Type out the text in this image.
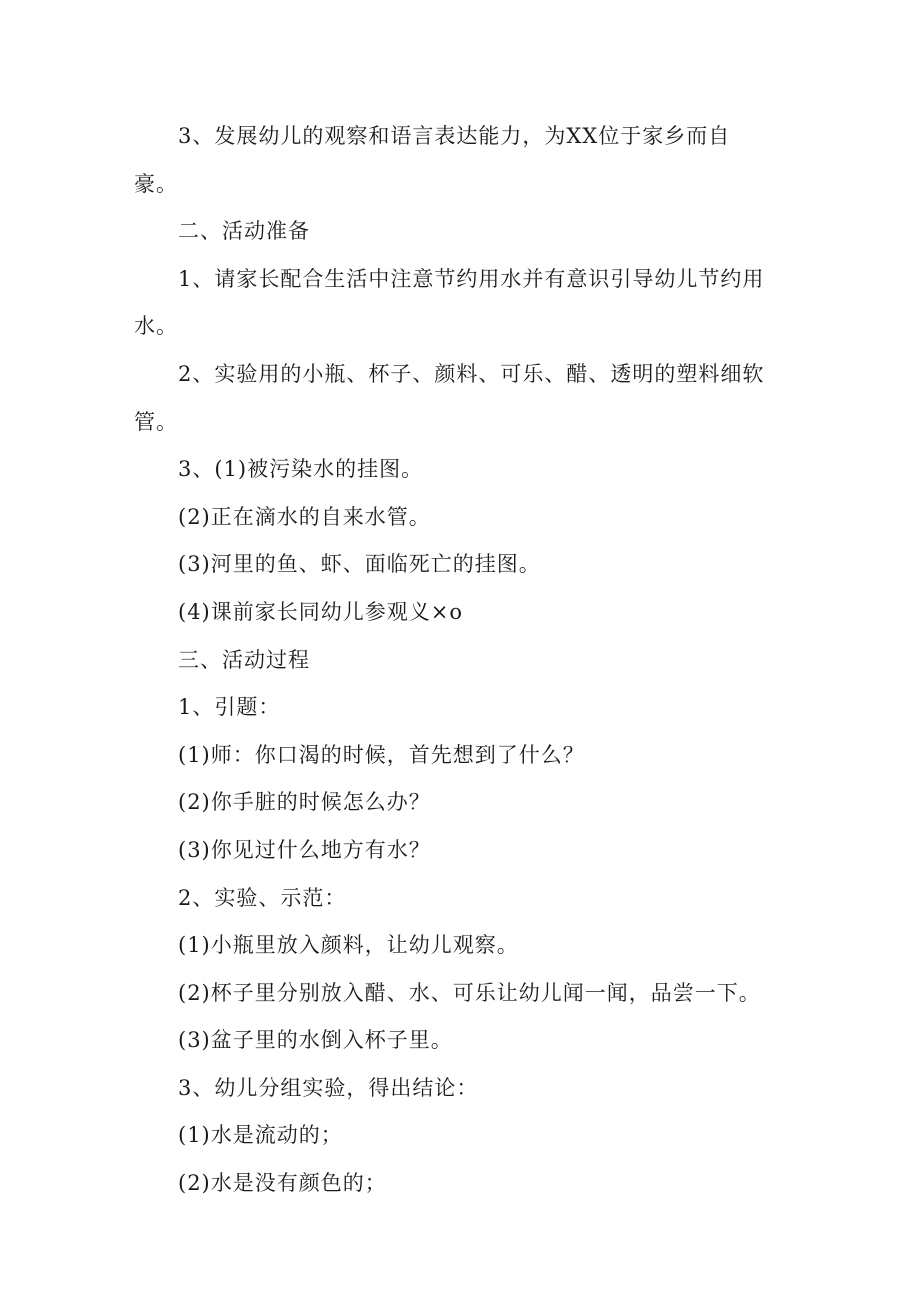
3、发展幼儿的观察和语言表达能力，为XX位于家乡而自豪。

二、活动准备

1、请家长配合生活中注意节约用水并有意识引导幼儿节约用水。

2、实验用的小瓶、杯子、颜料、可乐、醋、透明的塑料细软管。

3、(1)被污染水的挂图。

(2)正在滴水的自来水管。

(3)河里的鱼、虾、面临死亡的挂图。

(4)课前家长同幼儿参观义×o

三、活动过程

1、引题：

(1)师：你口渴的时候，首先想到了什么？

(2)你手脏的时候怎么办？

(3)你见过什么地方有水？

2、实验、示范：

(1)小瓶里放入颜料，让幼儿观察。

(2)杯子里分别放入醋、水、可乐让幼儿闻一闻，品尝一下。

(3)盆子里的水倒入杯子里。

3、幼儿分组实验，得出结论：

(1)水是流动的；

(2)水是没有颜色的；
